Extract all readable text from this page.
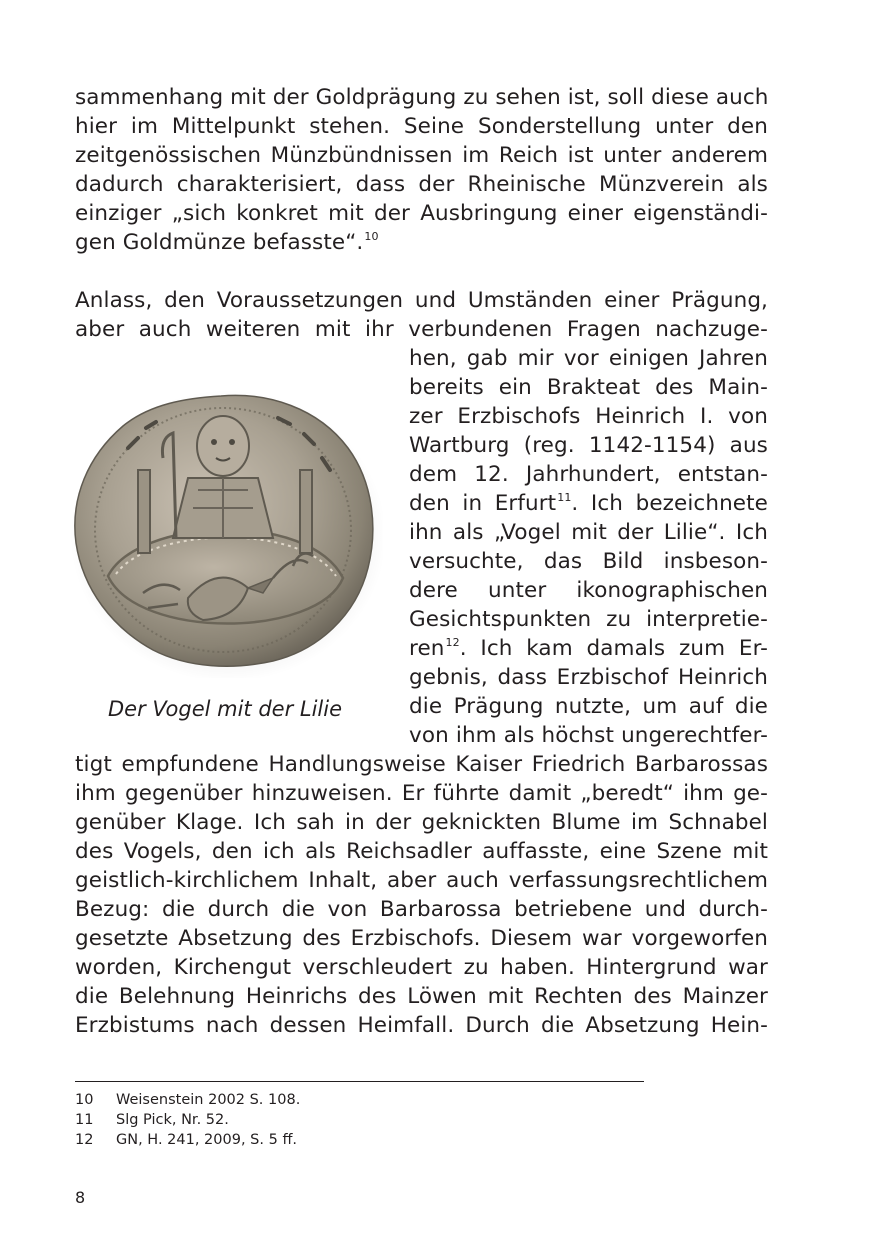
sammenhang mit der Goldprägung zu sehen ist, soll diese auch
hier im Mittelpunkt stehen. Seine Sonderstellung unter den
zeitgenössischen Münzbündnissen im Reich ist unter anderem
dadurch charakterisiert, dass der Rheinische Münzverein als
einziger „sich konkret mit der Ausbringung einer eigenständi-
gen Goldmünze befasste“.$^{10}$
Anlass, den Voraussetzungen und Umständen einer Prägung,
aber auch weiteren mit ihr verbundenen Fragen nachzuge-
Der Vogel mit der Lilie
hen, gab mir vor einigen Jahren
bereits ein Brakteat des Main-
zer Erzbischofs Heinrich I. von
Wartburg (reg. 1142-1154) aus
dem 12. Jahrhundert, entstan-
den in Erfurt$^{11}$. Ich bezeichnete
ihn als „Vogel mit der Lilie“. Ich
versuchte, das Bild insbeson-
dere unter ikonographischen
Gesichtspunkten zu interpretie-
ren$^{12}$. Ich kam damals zum Er-
gebnis, dass Erzbischof Heinrich
die Prägung nutzte, um auf die
von ihm als höchst ungerechtfer-
tigt empfundene Handlungsweise Kaiser Friedrich Barbarossas
ihm gegenüber hinzuweisen. Er führte damit „beredt“ ihm ge-
genüber Klage. Ich sah in der geknickten Blume im Schnabel
des Vogels, den ich als Reichsadler auffasste, eine Szene mit
geistlich-kirchlichem Inhalt, aber auch verfassungsrechtlichem
Bezug: die durch die von Barbarossa betriebene und durch-
gesetzte Absetzung des Erzbischofs. Diesem war vorgeworfen
worden, Kirchengut verschleudert zu haben. Hintergrund war
die Belehnung Heinrichs des Löwen mit Rechten des Mainzer
Erzbistums nach dessen Heimfall. Durch die Absetzung Hein-
10 Weisenstein 2002 S. 108.
11 Slg Pick, Nr. 52.
12 GN, H. 241, 2009, S. 5 ff.
8
